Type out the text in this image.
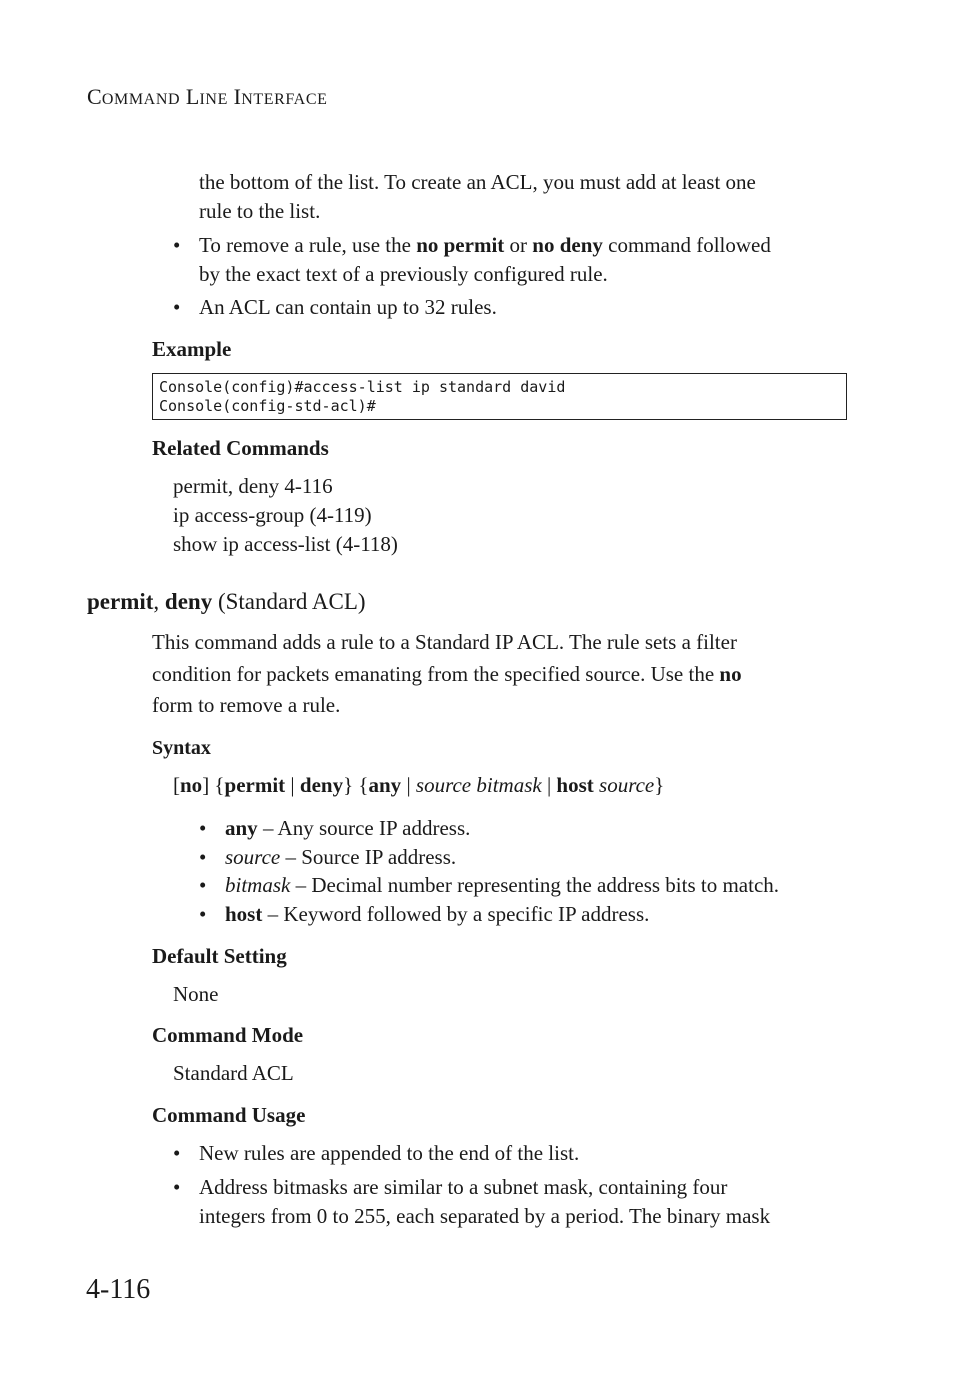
COMMAND LINE INTERFACE
the bottom of the list. To create an ACL, you must add at least one
rule to the list.
• To remove a rule, use the no permit or no deny command followed
by the exact text of a previously configured rule.
• An ACL can contain up to 32 rules.
Example
Console(config)#access-list ip standard david
Console(config-std-acl)#
Related Commands
permit, deny 4-116
ip access-group (4-119)
show ip access-list (4-118)
permit, deny (Standard ACL)
This command adds a rule to a Standard IP ACL. The rule sets a filter
condition for packets emanating from the specified source. Use the no
form to remove a rule.
Syntax
[no] {permit | deny} {any | source bitmask | host source}
• any – Any source IP address.
• source – Source IP address.
• bitmask – Decimal number representing the address bits to match.
• host – Keyword followed by a specific IP address.
Default Setting
None
Command Mode
Standard ACL
Command Usage
• New rules are appended to the end of the list.
• Address bitmasks are similar to a subnet mask, containing four
integers from 0 to 255, each separated by a period. The binary mask
4-116
